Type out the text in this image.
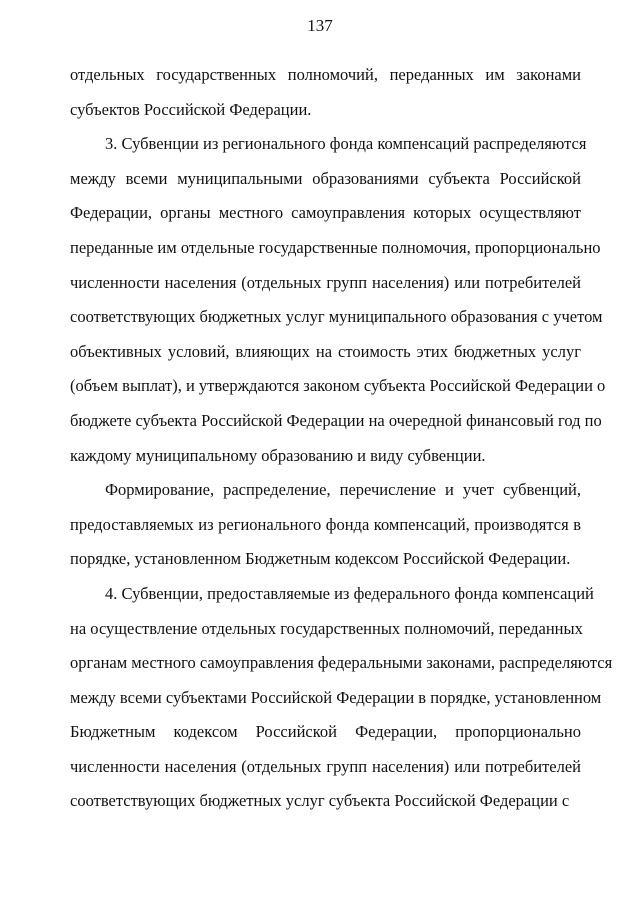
137
отдельных государственных полномочий, переданных им законами
субъектов Российской Федерации.
3. Субвенции из регионального фонда компенсаций распределяются
между всеми муниципальными образованиями субъекта Российской
Федерации, органы местного самоуправления которых осуществляют
переданные им отдельные государственные полномочия, пропорционально
численности населения (отдельных групп населения) или потребителей
соответствующих бюджетных услуг муниципального образования с учетом
объективных условий, влияющих на стоимость этих бюджетных услуг
(объем выплат), и утверждаются законом субъекта Российской Федерации о
бюджете субъекта Российской Федерации на очередной финансовый год по
каждому муниципальному образованию и виду субвенции.
Формирование, распределение, перечисление и учет субвенций,
предоставляемых из регионального фонда компенсаций, производятся в
порядке, установленном Бюджетным кодексом Российской Федерации.
4. Субвенции, предоставляемые из федерального фонда компенсаций
на осуществление отдельных государственных полномочий, переданных
органам местного самоуправления федеральными законами, распределяются
между всеми субъектами Российской Федерации в порядке, установленном
Бюджетным кодексом Российской Федерации, пропорционально
численности населения (отдельных групп населения) или потребителей
соответствующих бюджетных услуг субъекта Российской Федерации с
